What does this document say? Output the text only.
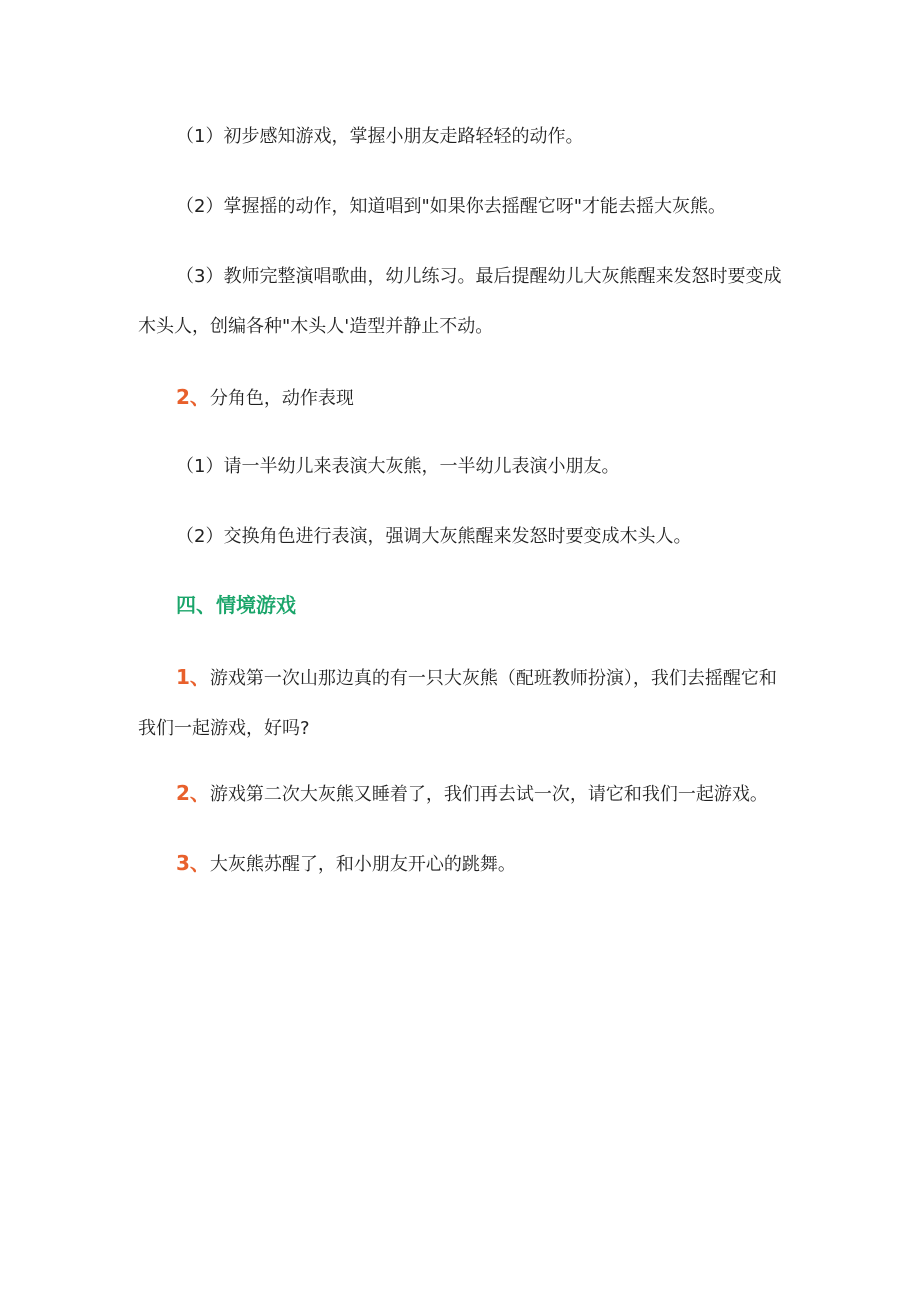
（1）初步感知游戏，掌握小朋友走路轻轻的动作。

（2）掌握摇的动作，知道唱到"如果你去摇醒它呀"才能去摇大灰熊。

（3）教师完整演唱歌曲，幼儿练习。最后提醒幼儿大灰熊醒来发怒时要变成木头人，创编各种"木头人'造型并静止不动。

2、分角色，动作表现

（1）请一半幼儿来表演大灰熊，一半幼儿表演小朋友。

（2）交换角色进行表演，强调大灰熊醒来发怒时要变成木头人。

四、情境游戏

1、游戏第一次山那边真的有一只大灰熊（配班教师扮演），我们去摇醒它和我们一起游戏，好吗?

2、游戏第二次大灰熊又睡着了，我们再去试一次，请它和我们一起游戏。

3、大灰熊苏醒了，和小朋友开心的跳舞。
